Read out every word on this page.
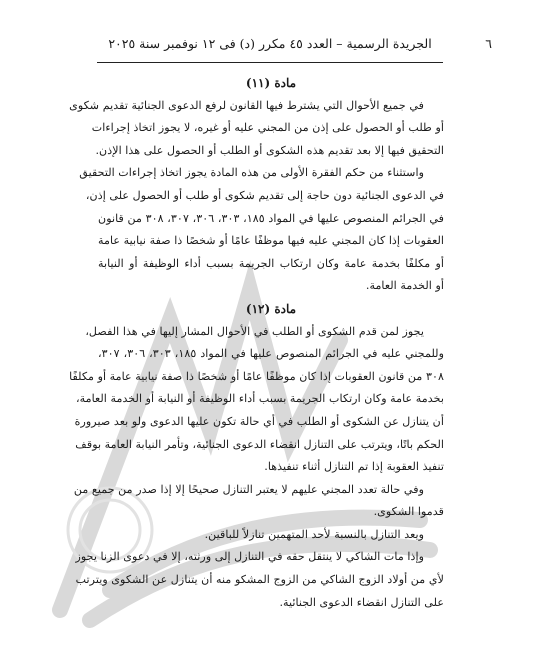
٦
الجريدة الرسمية – العدد ٤٥ مكرر (د) فى ١٢ نوفمبر سنة ٢٠٢٥

مادة (١١)

في جميع الأحوال التي يشترط فيها القانون لرفع الدعوى الجنائية تقديم شكوى
أو طلب أو الحصول على إذن من المجني عليه أو غيره، لا يجوز اتخاذ إجراءات
التحقيق فيها إلا بعد تقديم هذه الشكوى أو الطلب أو الحصول على هذا الإذن.

واستثناء من حكم الفقرة الأولى من هذه المادة يجوز اتخاذ إجراءات التحقيق
في الدعوى الجنائية دون حاجة إلى تقديم شكوى أو طلب أو الحصول على إذن،
في الجرائم المنصوص عليها في المواد ١٨٥، ٣٠٣، ٣٠٦، ٣٠٧، ٣٠٨ من قانون
العقوبات إذا كان المجني عليه فيها موظفًا عامًا أو شخصًا ذا صفة نيابية عامة
أو مكلفًا بخدمة عامة وكان ارتكاب الجريمة بسبب أداء الوظيفة أو النيابة
أو الخدمة العامة.

مادة (١٢)

يجوز لمن قدم الشكوى أو الطلب في الأحوال المشار إليها في هذا الفصل،
وللمجني عليه في الجرائم المنصوص عليها في المواد ١٨٥، ٣٠٣، ٣٠٦، ٣٠٧،
٣٠٨ من قانون العقوبات إذا كان موظفًا عامًا أو شخصًا ذا صفة نيابية عامة أو مكلفًا
بخدمة عامة وكان ارتكاب الجريمة بسبب أداء الوظيفة أو النيابة أو الخدمة العامة،
أن يتنازل عن الشكوى أو الطلب في أي حالة تكون عليها الدعوى ولو بعد صيرورة
الحكم باتًا، ويترتب على التنازل انقضاء الدعوى الجنائية، وتأمر النيابة العامة بوقف
تنفيذ العقوبة إذا تم التنازل أثناء تنفيذها.

وفي حالة تعدد المجني عليهم لا يعتبر التنازل صحيحًا إلا إذا صدر من جميع من
قدموا الشكوى.

ويعد التنازل بالنسبة لأحد المتهمين تنازلاً للباقين.

وإذا مات الشاكي لا ينتقل حقه في التنازل إلى ورثته، إلا في دعوى الزنا يجوز
لأي من أولاد الزوج الشاكي من الزوج المشكو منه أن يتنازل عن الشكوى ويترتب
على التنازل انقضاء الدعوى الجنائية.
